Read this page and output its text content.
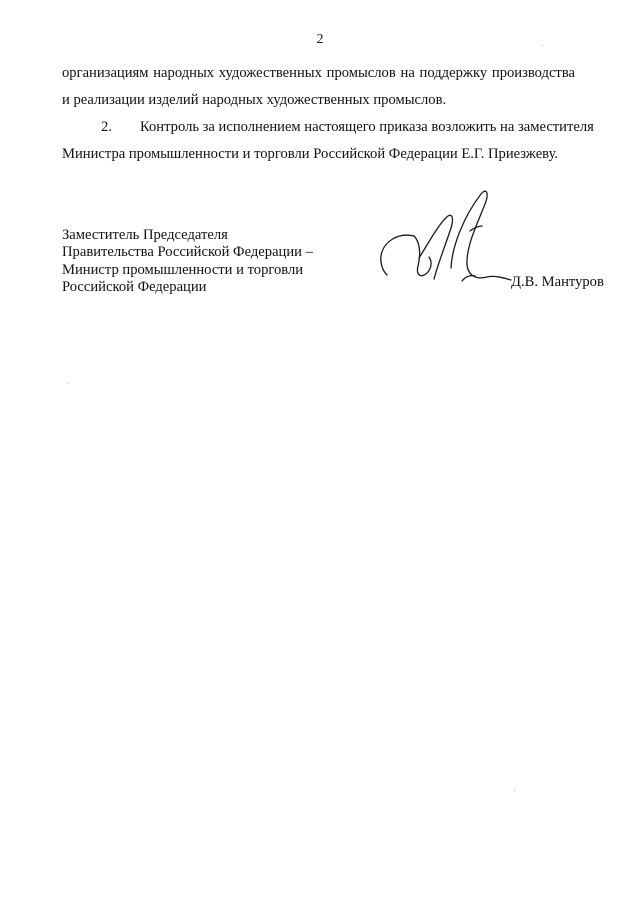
2
организациям народных художественных промыслов на поддержку производства
и реализации изделий народных художественных промыслов.
2. Контроль за исполнением настоящего приказа возложить на заместителя
Министра промышленности и торговли Российской Федерации Е.Г. Приезжеву.
Заместитель Председателя
Правительства Российской Федерации –
Министр промышленности и торговли
Российской Федерации	Д.В. Мантуров
